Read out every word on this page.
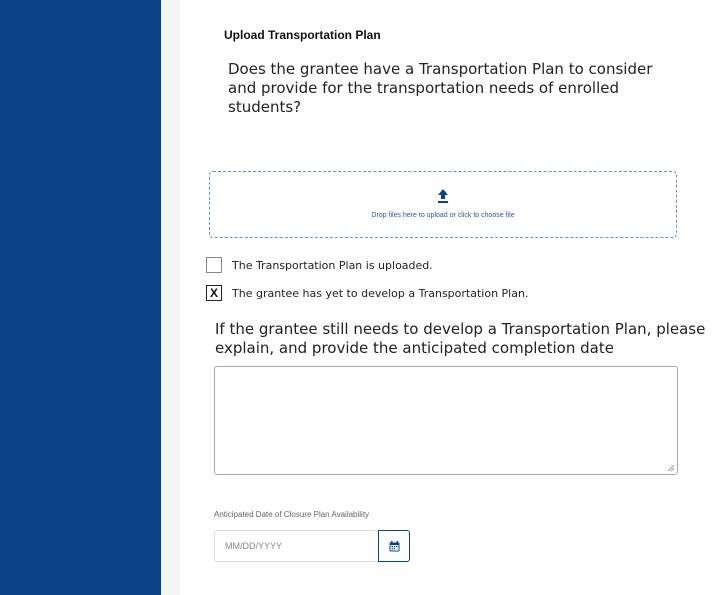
Upload Transportation Plan
Does the grantee have a Transportation Plan to consider and provide for the transportation needs of enrolled students?
Drop files here to upload or click to choose file
The Transportation Plan is uploaded.
X	The grantee has yet to develop a Transportation Plan.
If the grantee still needs to develop a Transportation Plan, please explain, and provide the anticipated completion date
Anticipated Date of Closure Plan Availability
MM/DD/YYYY
